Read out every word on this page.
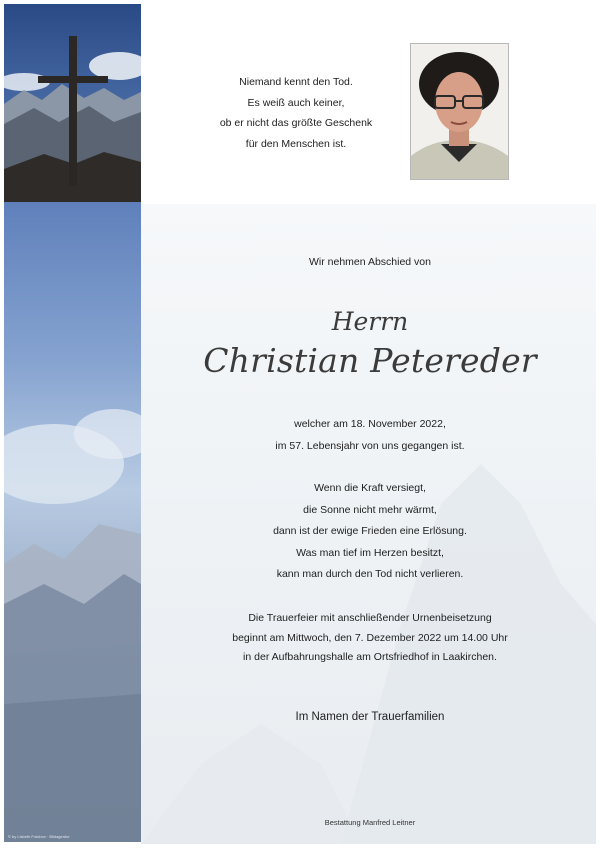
© by Lisbeth Fotobox · Bildagentur
Niemand kennt den Tod.
Es weiß auch keiner,
ob er nicht das größte Geschenk
für den Menschen ist.
Wir nehmen Abschied von
Herrn
Christian Petereder
welcher am 18. November 2022,
im 57. Lebensjahr von uns gegangen ist.
Wenn die Kraft versiegt,
die Sonne nicht mehr wärmt,
dann ist der ewige Frieden eine Erlösung.
Was man tief im Herzen besitzt,
kann man durch den Tod nicht verlieren.
Die Trauerfeier mit anschließender Urnenbeisetzung
beginnt am Mittwoch, den 7. Dezember 2022 um 14.00 Uhr
in der Aufbahrungshalle am Ortsfriedhof in Laakirchen.
Im Namen der Trauerfamilien
Bestattung Manfred Leitner
